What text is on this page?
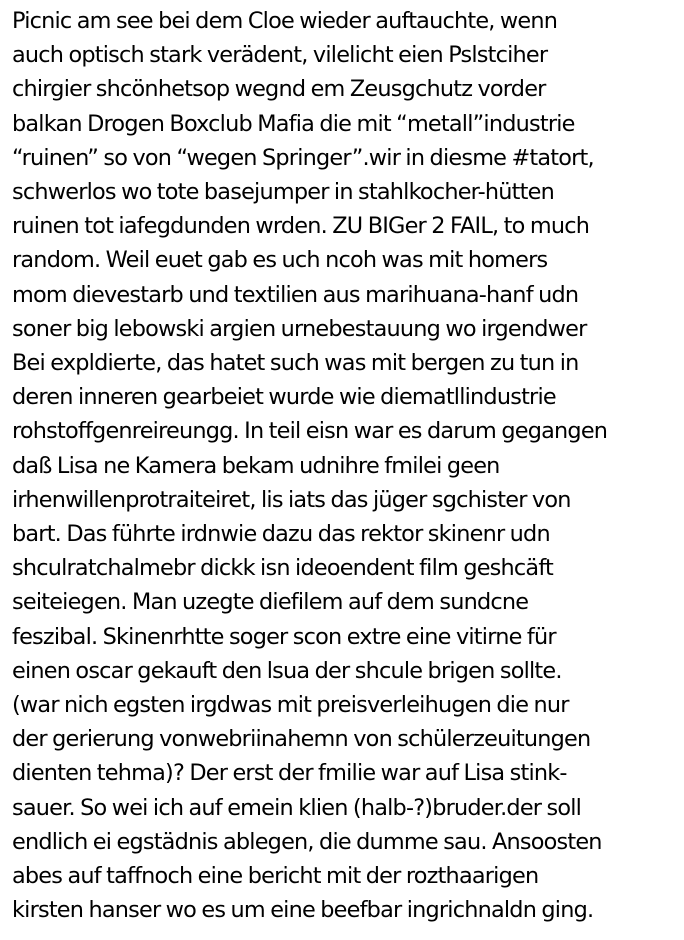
Picnic am see bei dem Cloe wieder auftauchte, wenn
auch optisch stark verädent, vilelicht eien Pslstciher
chirgier shcönhetsop wegnd em Zeusgchutz vorder
balkan Drogen Boxclub Mafia die mit “metall”industrie
“ruinen” so von “wegen Springer”.wir in diesme #tatort,
schwerlos wo tote basejumper in stahlkocher-hütten
ruinen tot iafegdunden wrden. ZU BIGer 2 FAIL, to much
random. Weil euet gab es uch ncoh was mit homers
mom dievestarb und textilien aus marihuana-hanf udn
soner big lebowski argien urnebestauung wo irgendwer
Bei expldierte, das hatet such was mit bergen zu tun in
deren inneren gearbeiet wurde wie diematllindustrie
rohstoffgenreireungg. In teil eisn war es darum gegangen
daß Lisa ne Kamera bekam udnihre fmilei geen
irhenwillenprotraiteiret, lis iats das jüger sgchister von
bart. Das führte irdnwie dazu das rektor skinenr udn
shculratchalmebr dickk isn ideoendent film geshcäft
seiteiegen. Man uzegte diefilem auf dem sundcne
feszibal. Skinenrhtte soger scon extre eine vitirne für
einen oscar gekauft den lsua der shcule brigen sollte.
(war nich egsten irgdwas mit preisverleihugen die nur
der gerierung vonwebriinahemn von schülerzeuitungen
dienten tehma)? Der erst der fmilie war auf Lisa stink-
sauer. So wei ich auf emein klien (halb-?)bruder.der soll
endlich ei egstädnis ablegen, die dumme sau. Ansoosten
abes auf taffnoch eine bericht mit der rozthaarigen
kirsten hanser wo es um eine beefbar ingrichnaldn ging.
